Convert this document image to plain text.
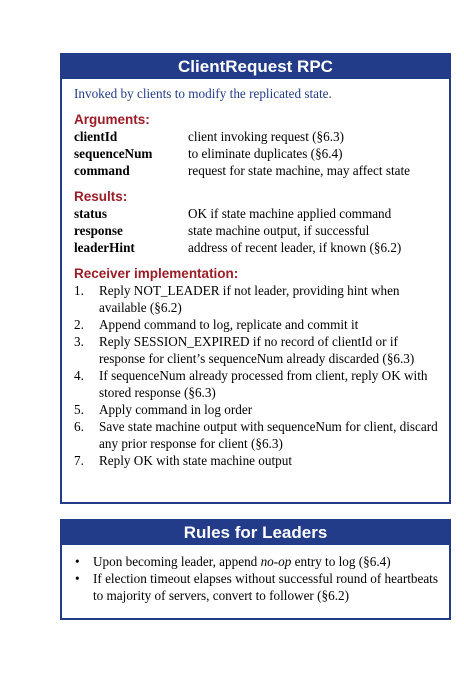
ClientRequest RPC
Invoked by clients to modify the replicated state.
Arguments:
clientId	client invoking request (§6.3)
sequenceNum	to eliminate duplicates (§6.4)
command	request for state machine, may affect state
Results:
status	OK if state machine applied command
response	state machine output, if successful
leaderHint	address of recent leader, if known (§6.2)
Receiver implementation:
1.	Reply NOT_LEADER if not leader, providing hint when available (§6.2)
2.	Append command to log, replicate and commit it
3.	Reply SESSION_EXPIRED if no record of clientId or if response for client’s sequenceNum already discarded (§6.3)
4.	If sequenceNum already processed from client, reply OK with stored response (§6.3)
5.	Apply command in log order
6.	Save state machine output with sequenceNum for client, discard any prior response for client (§6.3)
7.	Reply OK with state machine output
Rules for Leaders
•	Upon becoming leader, append no-op entry to log (§6.4)
•	If election timeout elapses without successful round of heartbeats to majority of servers, convert to follower (§6.2)
